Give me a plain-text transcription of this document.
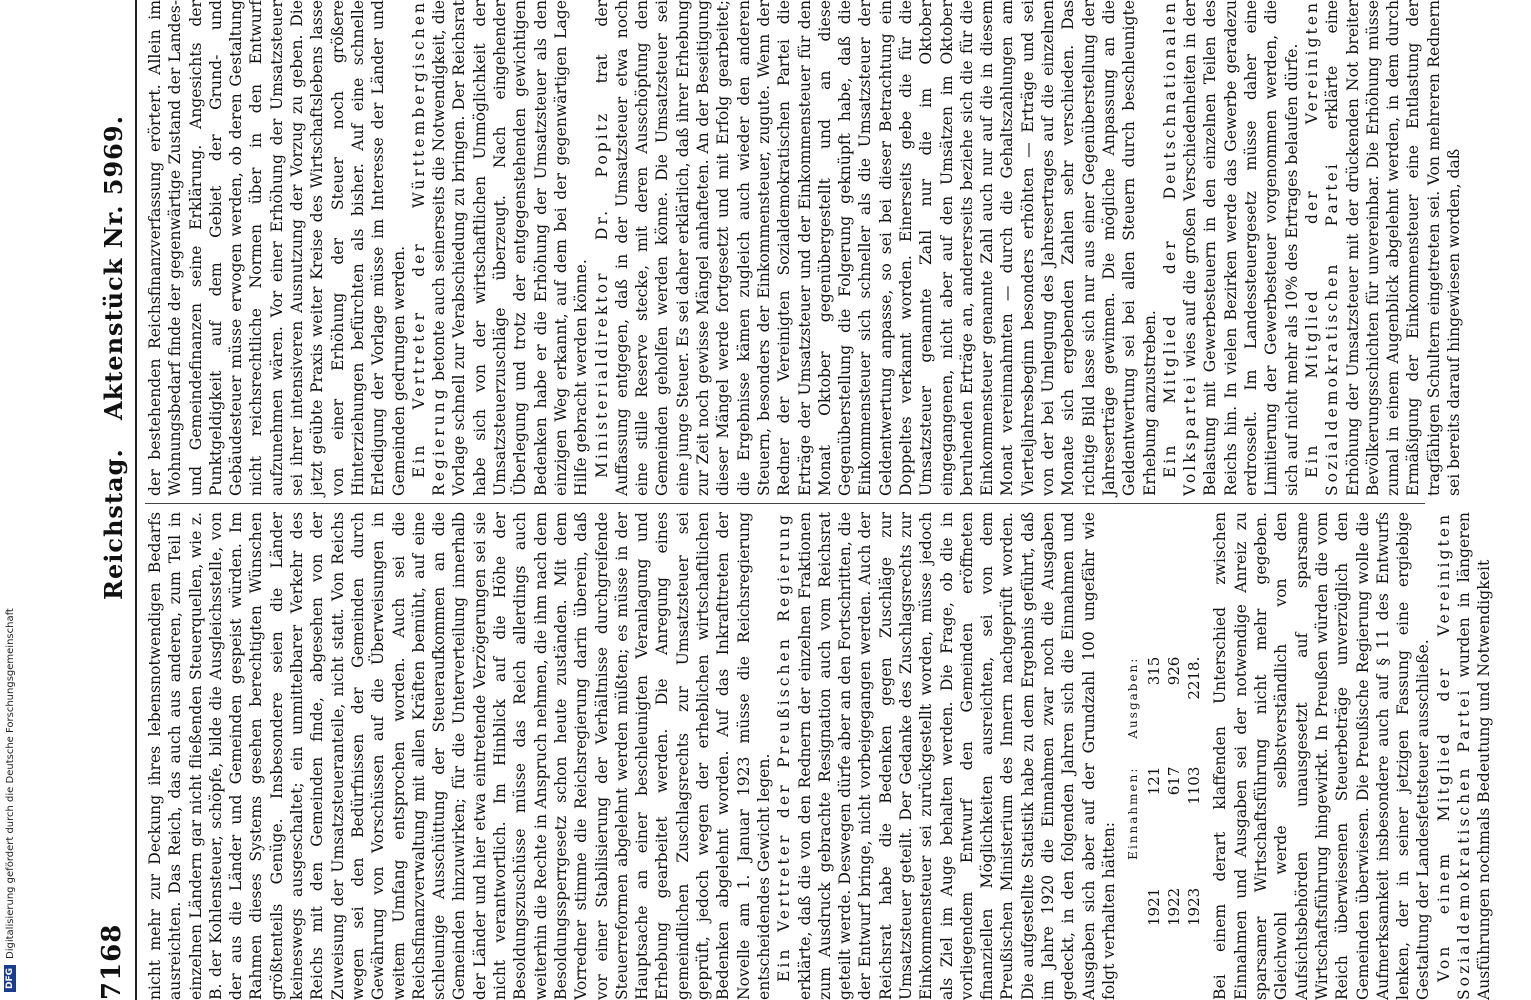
7168
Reichstag.
Aktenstück Nr. 5969.

nicht mehr zur Deckung ihres lebensnotwendigen Bedarfs ausreichten. Das Reich, das auch aus anderen, zum Teil in einzelnen Ländern gar nicht fließenden Steuerquellen, wie z. B. der Kohlensteuer, schöpfe, bilde die Ausgleichsstelle, von der aus die Länder und Gemeinden gespeist würden. Im Rahmen dieses Systems gesehen berechtigten Wünschen größtenteils Genüge. Insbesondere seien die Länder keineswegs ausgeschaltet; ein unmittelbarer Verkehr des Reichs mit den Gemeinden finde, abgesehen von der Zuweisung der Umsatzsteueranteile, nicht statt. Von Reichs wegen sei den Bedürfnissen der Gemeinden durch Gewährung von Vorschüssen auf die Überweisungen in weitem Umfang entsprochen worden. Auch sei die Reichsfinanzverwaltung mit allen Kräften bemüht, auf eine schleunige Ausschüttung der Steueraufkommen an die Gemeinden hinzuwirken; für die Unterverteilung innerhalb der Länder und hier etwa eintretende Verzögerungen sei sie nicht verantwortlich. Im Hinblick auf die Höhe der Besoldungszuschüsse müsse das Reich allerdings auch weiterhin die Rechte in Anspruch nehmen, die ihm nach dem Besoldungssperrgesetz schon heute zuständen. Mit dem Vorredner stimme die Reichsregierung darin überein, daß vor einer Stabilisierung der Verhältnisse durchgreifende Steuerreformen abgelehnt werden müßten; es müsse in der Hauptsache an einer beschleunigten Veranlagung und Erhebung gearbeitet werden. Die Anregung eines gemeindlichen Zuschlagsrechts zur Umsatzsteuer sei geprüft, jedoch wegen der erheblichen wirtschaftlichen Bedenken abgelehnt worden. Auf das Inkrafttreten der Novelle am 1. Januar 1923 müsse die Reichsregierung entscheidendes Gewicht legen. Ein Vertreter der Preußischen Regierung erklärte, daß die von den Rednern der einzelnen Fraktionen zum Ausdruck gebrachte Resignation auch vom Reichsrat geteilt werde. Deswegen dürfe aber an den Fortschritten, die der Entwurf bringe, nicht vorbeigegangen werden. Auch der Reichsrat habe die Bedenken gegen Zuschläge zur Umsatzsteuer geteilt. Der Gedanke des Zuschlagsrechts zur Einkommensteuer sei zurückgestellt worden, müsse jedoch als Ziel im Auge behalten werden. Die Frage, ob die in vorliegendem Entwurf den Gemeinden eröffneten finanziellen Möglichkeiten ausreichten, sei von dem Preußischen Ministerium des Innern nachgeprüft worden. Die aufgestellte Statistik habe zu dem Ergebnis geführt, daß im Jahre 1920 die Einnahmen zwar noch die Ausgaben gedeckt, in den folgenden Jahren sich die Einnahmen und Ausgaben sich aber auf der Grundzahl 100 ungefähr wie folgt verhalten hätten:

	Einnahmen:	Ausgaben:
1921	121	315
1922	617	926
1923	1103	2218. Bei einem derart klaffenden Unterschied zwischen Einnahmen und Ausgaben sei der notwendige Anreiz zu sparsamer Wirtschaftsführung nicht mehr gegeben. Gleichwohl werde selbstverständlich von den Aufsichtsbehörden unausgesetzt auf sparsame Wirtschaftsführung hingewirkt. In Preußen würden die vom Reich überwiesenen Steuerbeträge unverzüglich den Gemeinden überwiesen. Die Preußische Regierung wolle die Aufmerksamkeit insbesondere auch auf § 11 des Entwurfs lenken, der in seiner jetzigen Fassung eine ergiebige Gestaltung der Landesfettsteuer ausschließe. Von einem Mitglied der Vereinigten Sozialdemokratischen Partei wurden in längeren Ausführungen nochmals Bedeutung und Notwendigkeit

der bestehenden Reichsfinanzverfassung erörtert. Allein im Wohnungsbedarf finde der gegenwärtige Zustand der Landes- und Gemeindefinanzen seine Erklärung. Angesichts der Punktgeldigkeit auf dem Gebiet der Grund- und Gebäudesteuer müsse erwogen werden, ob deren Gestaltung nicht reichsrechtliche Normen über in den Entwurf aufzunehmen wären. Vor einer Erhöhung der Umsatzsteuer sei ihrer intensiveren Ausnutzung der Vorzug zu geben. Die jetzt geübte Praxis weiter Kreise des Wirtschaftslebens lasse von einer Erhöhung der Steuer noch größere Hinterziehungen befürchten als bisher. Auf eine schnelle Erledigung der Vorlage müsse im Interesse der Länder und Gemeinden gedrungen werden. Ein Vertreter der Württembergischen Regierung betonte auch seinerseits die Notwendigkeit, die Vorlage schnell zur Verabschiedung zu bringen. Der Reichsrat habe sich von der wirtschaftlichen Unmöglichkeit der Umsatzsteuerzuschläge überzeugt. Nach eingehender Überlegung und trotz der entgegenstehenden gewichtigen Bedenken habe er die Erhöhung der Umsatzsteuer als den einzigen Weg erkannt, auf dem bei der gegenwärtigen Lage Hilfe gebracht werden könne. Ministerialdirektor Dr. Popitz trat der Auffassung entgegen, daß in der Umsatzsteuer etwa noch eine stille Reserve stecke, mit deren Ausschöpfung den Gemeinden geholfen werden könne. Die Umsatzsteuer sei eine junge Steuer. Es sei daher erklärlich, daß ihrer Erhebung zur Zeit noch gewisse Mängel anhafteten. An der Beseitigung dieser Mängel werde fortgesetzt und mit Erfolg gearbeitet; die Ergebnisse kämen zugleich auch wieder den anderen Steuern, besonders der Einkommensteuer, zugute. Wenn der Redner der Vereinigten Sozialdemokratischen Partei die Erträge der Umsatzsteuer und der Einkommensteuer für den Monat Oktober gegenübergestellt und an diese Gegenüberstellung die Folgerung geknüpft habe, daß die Einkommensteuer sich schneller als die Umsatzsteuer der Geldentwertung anpasse, so sei bei dieser Betrachtung ein Doppeltes verkannt worden. Einerseits gebe die für die Umsatzsteuer genannte Zahl nur die im Oktober eingegangenen, nicht aber auf den Umsätzen im Oktober beruhenden Erträge an, andererseits beziehe sich die für die Einkommensteuer genannte Zahl auch nur auf die in diesem Monat vereinnahmten — durch die Gehaltszahlungen am Vierteljahresbeginn besonders erhöhten — Erträge und sei von der bei Umlegung des Jahresertrages auf die einzelnen Monate sich ergebenden Zahlen sehr verschieden. Das richtige Bild lasse sich nur aus einer Gegenüberstellung der Jahreserträge gewinnen. Die mögliche Anpassung an die Geldentwertung sei bei allen Steuern durch beschleunigte Erhebung anzustreben. Ein Mitglied der Deutschnationalen Volkspartei wies auf die großen Verschiedenheiten in der Belastung mit Gewerbesteuern in den einzelnen Teilen des Reichs hin. In vielen Bezirken werde das Gewerbe geradezu erdrosselt. Im Landessteuergesetz müsse daher eine Limitierung der Gewerbesteuer vorgenommen werden, die sich auf nicht mehr als 10% des Ertrages belaufen dürfe. Ein Mitglied der Vereinigten Sozialdemokratischen Partei erklärte eine Erhöhung der Umsatzsteuer mit der drückenden Not breiter Bevölkerungsschichten für unvereinbar. Die Erhöhung müsse zumal in einem Augenblick abgelehnt werden, in dem durch Ermäßigung der Einkommensteuer eine Entlastung der tragfähigen Schultern eingetreten sei. Von mehreren Rednern sei bereits darauf hingewiesen worden, daß

DFG
Digitalisierung gefördert durch die Deutsche Forschungsgemeinschaft
